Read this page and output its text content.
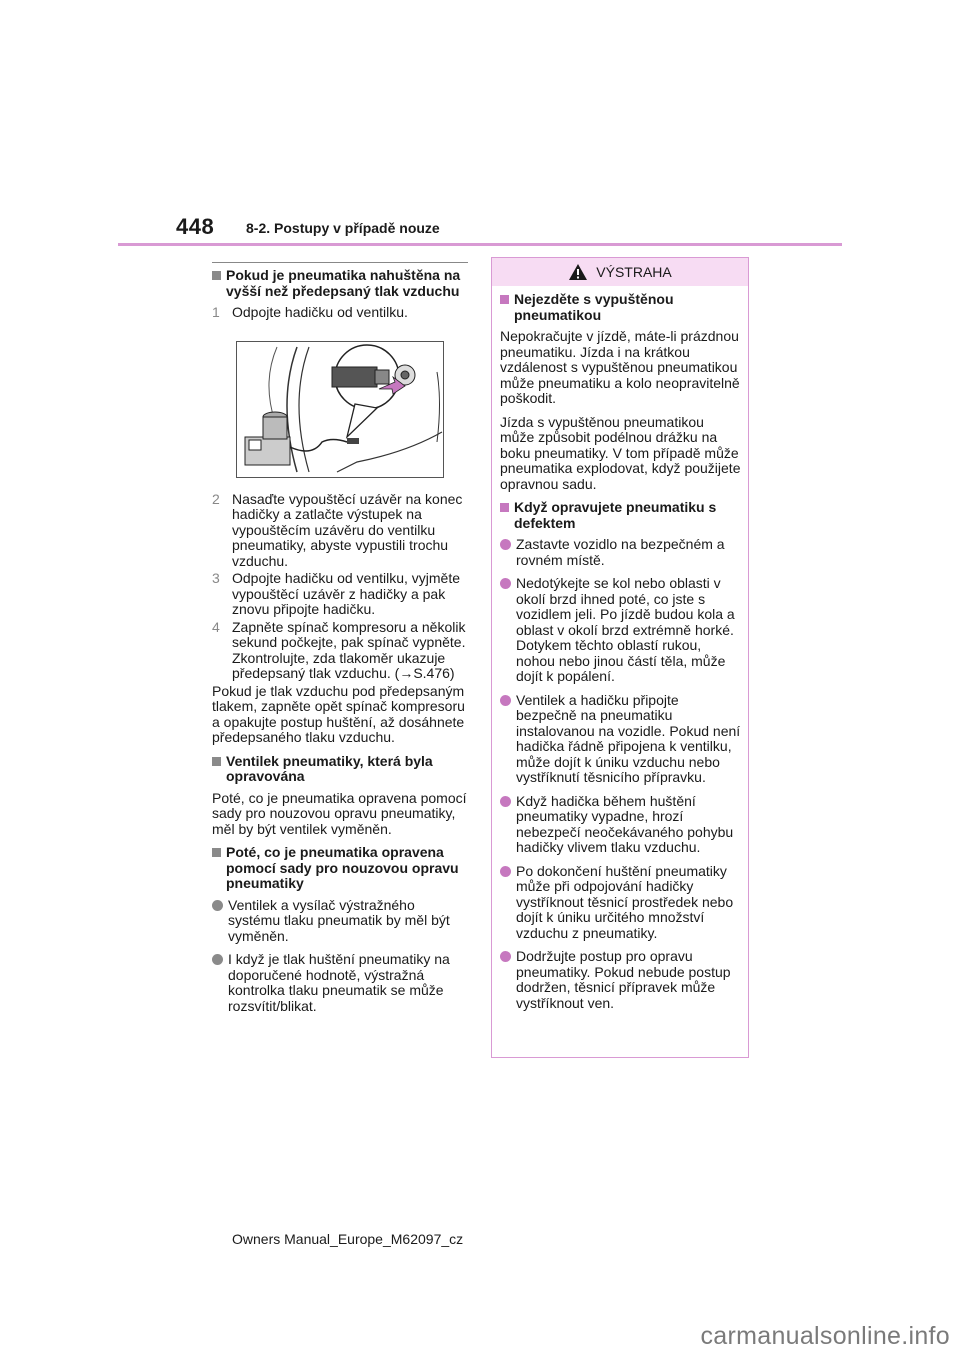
448 8-2. Postupy v případě nouze
Pokud je pneumatika nahuštěna na vyšší než předepsaný tlak vzduchu
1 Odpojte hadičku od ventilku.
2 Nasaďte vypouštěcí uzávěr na konec hadičky a zatlačte výstupek na vypouštěcím uzávěru do ventilku pneumatiky, abyste vypustili trochu vzduchu.
3 Odpojte hadičku od ventilku, vyjměte vypouštěcí uzávěr z hadičky a pak znovu připojte hadičku.
4 Zapněte spínač kompresoru a několik sekund počkejte, pak spínač vypněte. Zkontrolujte, zda tlakoměr ukazuje předepsaný tlak vzduchu. (→S.476)

Pokud je tlak vzduchu pod předepsaným tlakem, zapněte opět spínač kompresoru a opakujte postup huštění, až dosáhnete předepsaného tlaku vzduchu.

Ventilek pneumatiky, která byla opravována

Poté, co je pneumatika opravena pomocí sady pro nouzovou opravu pneumatiky, měl by být ventilek vyměněn.

Poté, co je pneumatika opravena pomocí sady pro nouzovou opravu pneumatiky
Ventilek a vysílač výstražného systému tlaku pneumatik by měl být vyměněn.
I když je tlak huštění pneumatiky na doporučené hodnotě, výstražná kontrolka tlaku pneumatik se může rozsvítit/blikat.
VÝSTRAHA
Nejezděte s vypuštěnou pneumatikou

Nepokračujte v jízdě, máte-li prázdnou pneumatiku. Jízda i na krátkou vzdálenost s vypuštěnou pneumatikou může pneumatiku a kolo neopravitelně poškodit.

Jízda s vypuštěnou pneumatikou může způsobit podélnou drážku na boku pneumatiky. V tom případě může pneumatika explodovat, když použijete opravnou sadu.

Když opravujete pneumatiku s defektem
Zastavte vozidlo na bezpečném a rovném místě.
Nedotýkejte se kol nebo oblasti v okolí brzd ihned poté, co jste s vozidlem jeli. Po jízdě budou kola a oblast v okolí brzd extrémně horké. Dotykem těchto oblastí rukou, nohou nebo jinou částí těla, může dojít k popálení.
Ventilek a hadičku připojte bezpečně na pneumatiku instalovanou na vozidle. Pokud není hadička řádně připojena k ventilku, může dojít k úniku vzduchu nebo vystříknutí těsnicího přípravku.
Když hadička během huštění pneumatiky vypadne, hrozí nebezpečí neočekávaného pohybu hadičky vlivem tlaku vzduchu.
Po dokončení huštění pneumatiky může při odpojování hadičky vystříknout těsnicí prostředek nebo dojít k úniku určitého množství vzduchu z pneumatiky.
Dodržujte postup pro opravu pneumatiky. Pokud nebude postup dodržen, těsnicí přípravek může vystříknout ven.
Owners Manual_Europe_M62097_cz
carmanualsonline.info
